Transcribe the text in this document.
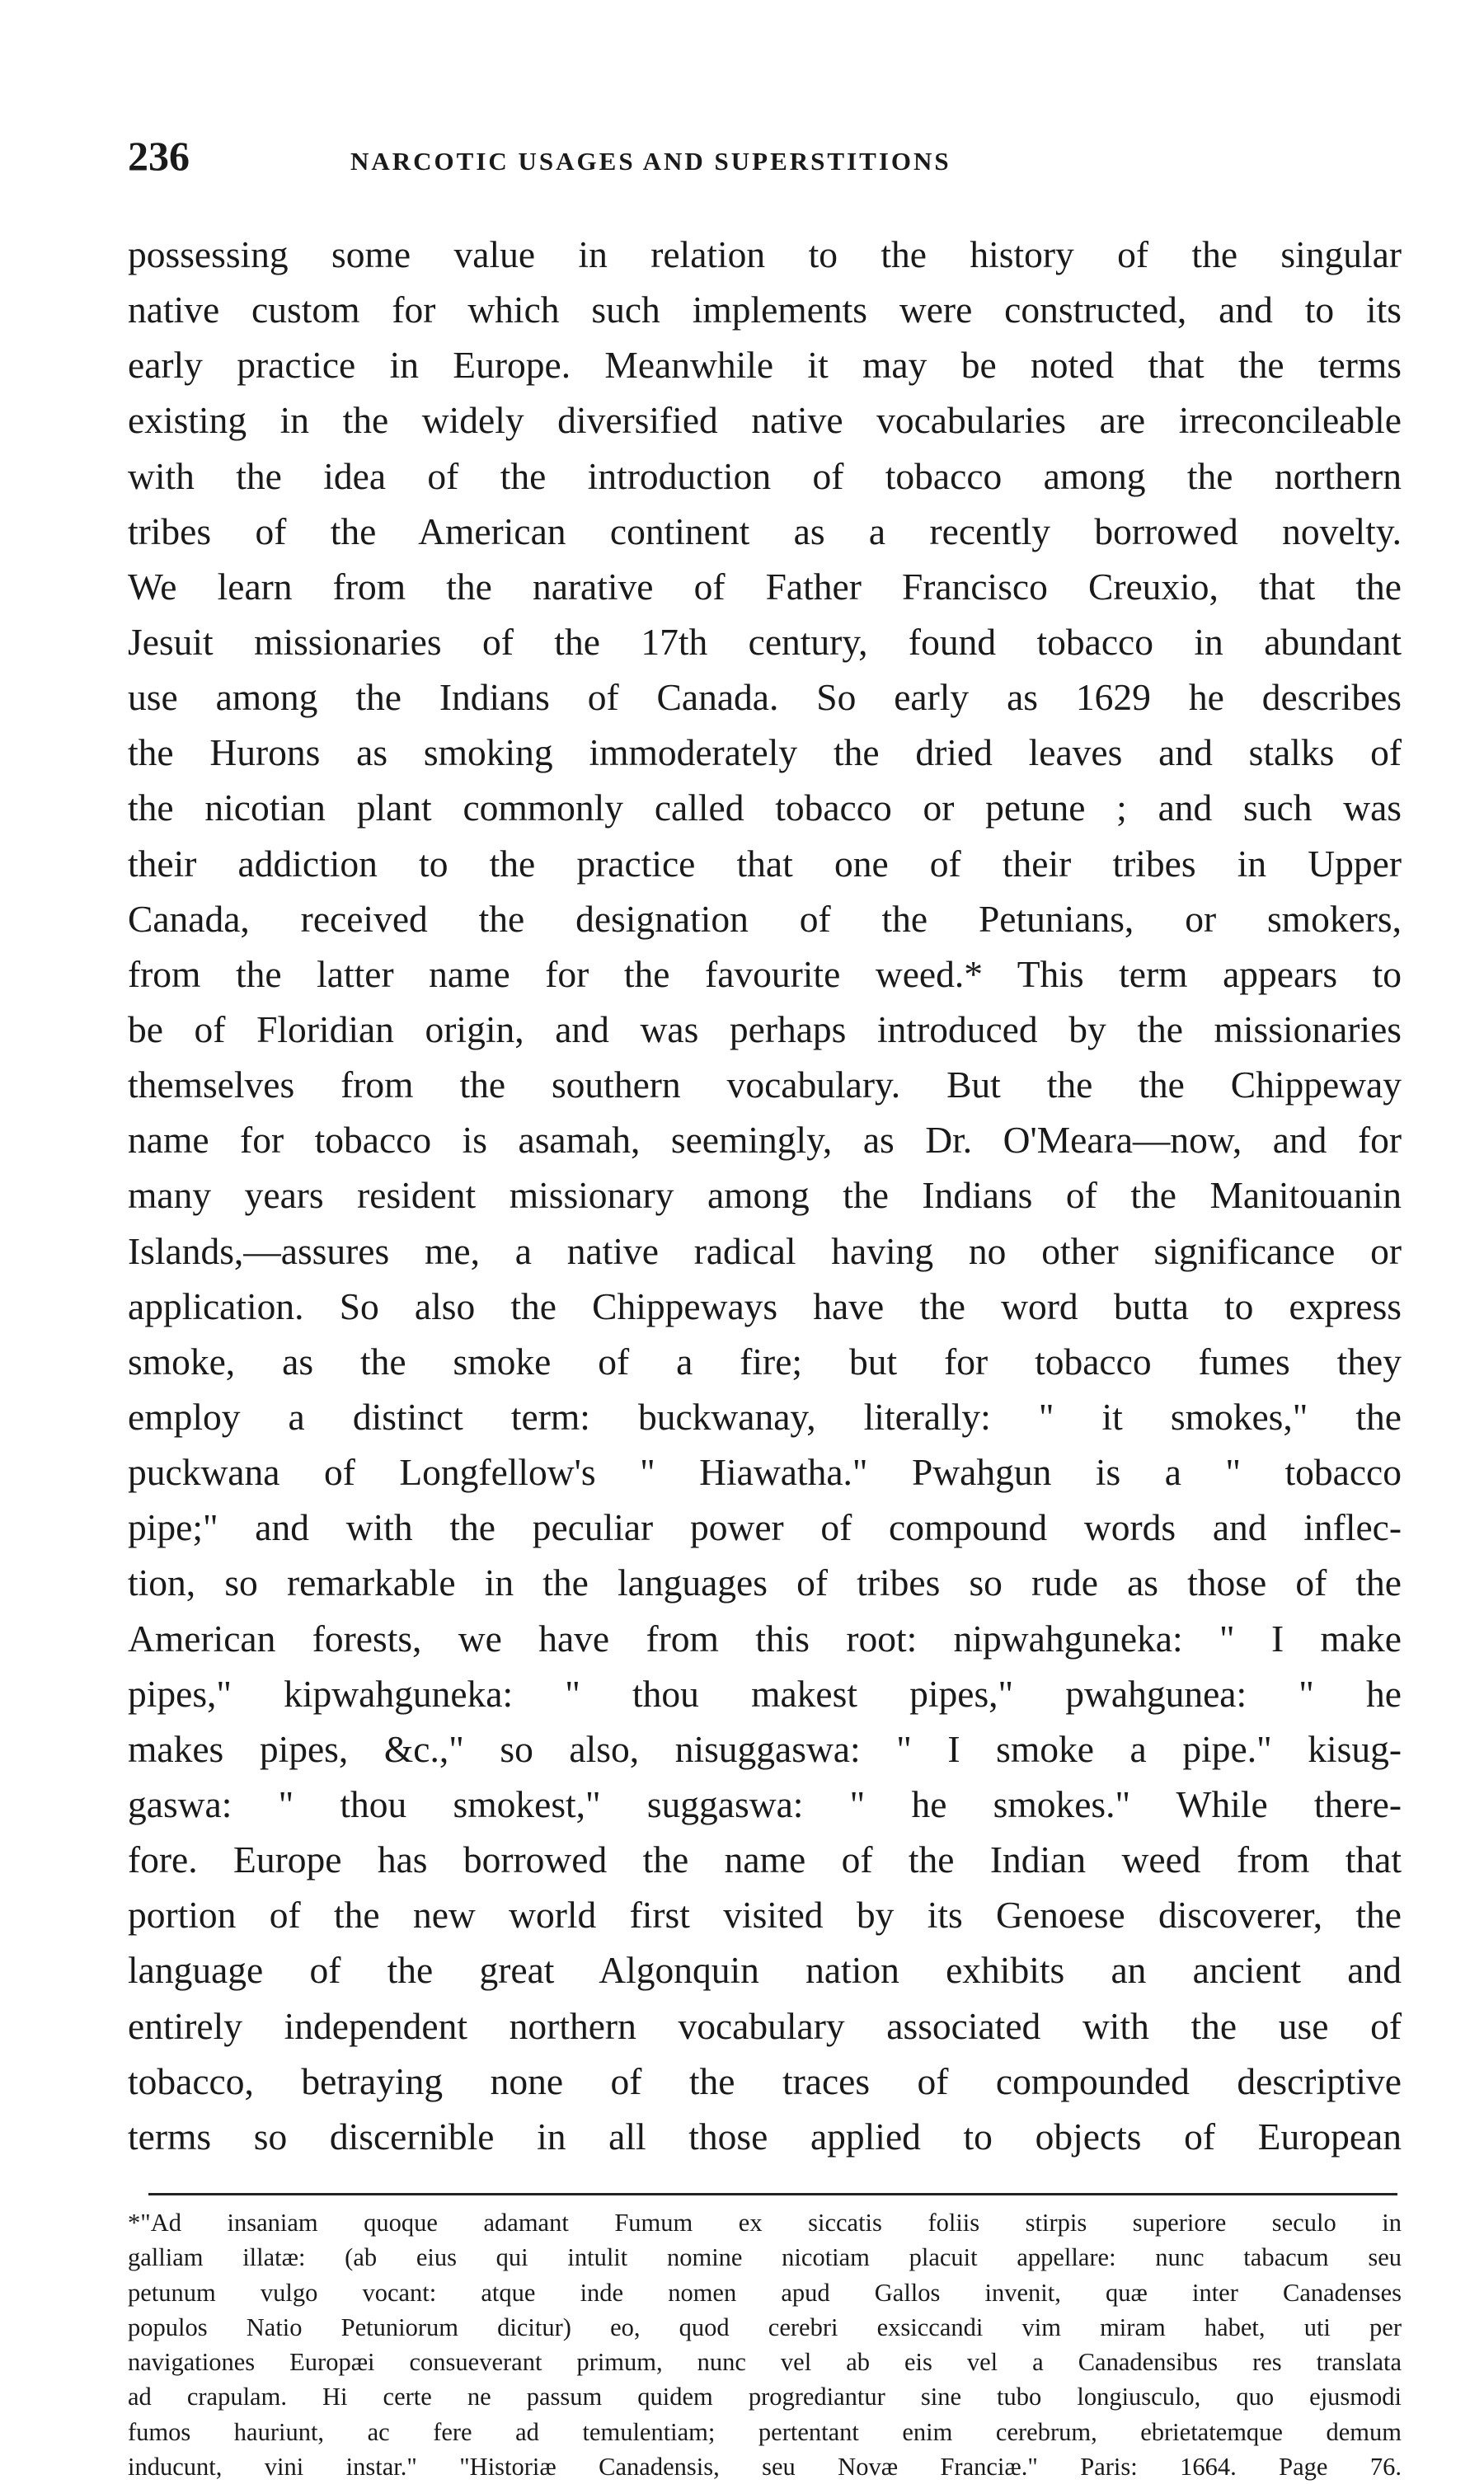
236	NARCOTIC USAGES AND SUPERSTITIONS
possessing some value in relation to the history of the singular
native custom for which such implements were constructed, and to its
early practice in Europe. Meanwhile it may be noted that the terms
existing in the widely diversified native vocabularies are irreconcileable
with the idea of the introduction of tobacco among the northern
tribes of the American continent as a recently borrowed novelty.
We learn from the narative of Father Francisco Creuxio, that the
Jesuit missionaries of the 17th century, found tobacco in abundant
use among the Indians of Canada. So early as 1629 he describes
the Hurons as smoking immoderately the dried leaves and stalks of
the nicotian plant commonly called tobacco or petune ; and such was
their addiction to the practice that one of their tribes in Upper
Canada, received the designation of the Petunians, or smokers,
from the latter name for the favourite weed.* This term appears to
be of Floridian origin, and was perhaps introduced by the missionaries
themselves from the southern vocabulary. But the the Chippeway
name for tobacco is asamah, seemingly, as Dr. O'Meara—now, and for
many years resident missionary among the Indians of the Manitouanin
Islands,—assures me, a native radical having no other significance or
application. So also the Chippeways have the word butta to express
smoke, as the smoke of a fire; but for tobacco fumes they
employ a distinct term: buckwanay, literally: " it smokes," the
puckwana of Longfellow's " Hiawatha." Pwahgun is a " tobacco
pipe;" and with the peculiar power of compound words and inflec-
tion, so remarkable in the languages of tribes so rude as those of the
American forests, we have from this root: nipwahguneka: " I make
pipes," kipwahguneka: " thou makest pipes," pwahgunea: " he
makes pipes, &c.," so also, nisuggaswa: " I smoke a pipe." kisug-
gaswa: " thou smokest," suggaswa: " he smokes." While there-
fore. Europe has borrowed the name of the Indian weed from that
portion of the new world first visited by its Genoese discoverer, the
language of the great Algonquin nation exhibits an ancient and
entirely independent northern vocabulary associated with the use of
tobacco, betraying none of the traces of compounded descriptive
terms so discernible in all those applied to objects of European
*"Ad insaniam quoque adamant Fumum ex siccatis foliis stirpis superiore seculo in
galliam illatæ: (ab eius qui intulit nomine nicotiam placuit appellare: nunc tabacum seu
petunum vulgo vocant: atque inde nomen apud Gallos invenit, quæ inter Canadenses
populos Natio Petuniorum dicitur) eo, quod cerebri exsiccandi vim miram habet, uti per
navigationes Europæi consueverant primum, nunc vel ab eis vel a Canadensibus res translata
ad crapulam. Hi certe ne passum quidem progrediantur sine tubo longiusculo, quo ejusmodi
fumos hauriunt, ac fere ad temulentiam; pertentant enim cerebrum, ebrietatemque demum
inducunt, vini instar." "Historiæ Canadensis, seu Novæ Franciæ." Paris: 1664. Page 76.
